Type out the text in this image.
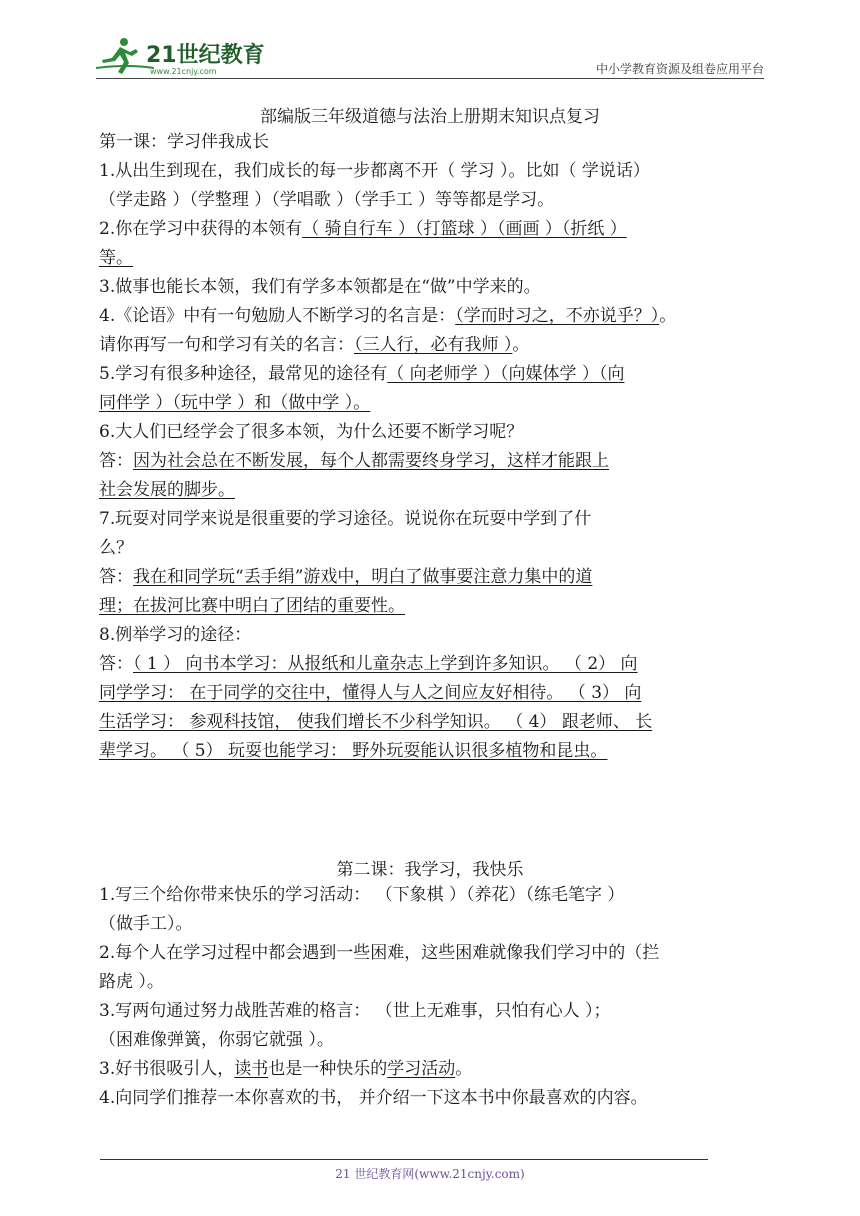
21世纪教育
www.21cnjy.com	中小学教育资源及组卷应用平台
部编版三年级道德与法治上册期末知识点复习
第一课：学习伴我成长
1.从出生到现在，我们成长的每一步都离不开（ 学习 ）。比如（ 学说话）
（学走路 ）（学整理 ）（学唱歌 ）（学手工 ）等等都是学习。
2.你在学习中获得的本领有（ 骑自行车 ）（打篮球 ）（画画 ）（折纸 ）
等。
3.做事也能长本领，我们有学多本领都是在“做”中学来的。
4.《论语》中有一句勉励人不断学习的名言是：（学而时习之，不亦说乎？）。
请你再写一句和学习有关的名言：（三人行，必有我师 ）。
5.学习有很多种途径，最常见的途径有（ 向老师学 ）（向媒体学 ）（向
同伴学 ）（玩中学 ）和（做中学 ）。
6.大人们已经学会了很多本领，为什么还要不断学习呢？
答：因为社会总在不断发展，每个人都需要终身学习，这样才能跟上
社会发展的脚步。
7.玩耍对同学来说是很重要的学习途径。说说你在玩耍中学到了什
么？
答：我在和同学玩“丢手绢”游戏中，明白了做事要注意力集中的道
理；在拔河比赛中明白了团结的重要性。
8.例举学习的途径：
答：（ 1 ） 向书本学习：从报纸和儿童杂志上学到许多知识。 （ 2） 向
同学学习： 在于同学的交往中，懂得人与人之间应友好相待。 （ 3） 向
生活学习： 参观科技馆， 使我们增长不少科学知识。 （ 4） 跟老师、 长
辈学习。 （ 5） 玩耍也能学习： 野外玩耍能认识很多植物和昆虫。
第二课：我学习，我快乐
1.写三个给你带来快乐的学习活动： （下象棋 ）（养花）（练毛笔字 ）
（做手工）。
2.每个人在学习过程中都会遇到一些困难，这些困难就像我们学习中的（拦
路虎 ）。
3.写两句通过努力战胜苦难的格言： （世上无难事，只怕有心人 ）；
（困难像弹簧，你弱它就强 ）。
3.好书很吸引人，读书也是一种快乐的学习活动。
4.向同学们推荐一本你喜欢的书， 并介绍一下这本书中你最喜欢的内容。
21 世纪教育网(www.21cnjy.com)
